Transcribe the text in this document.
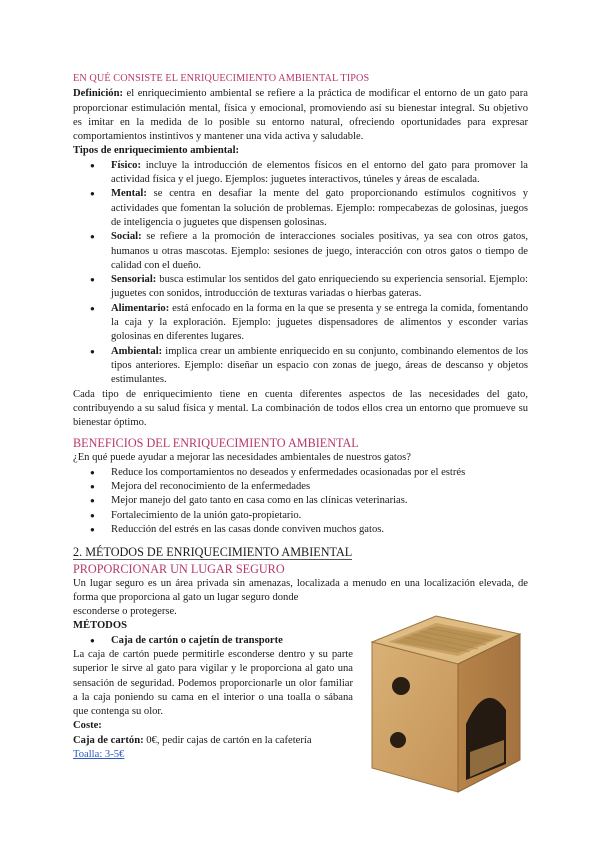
EN QUÉ CONSISTE EL ENRIQUECIMIENTO AMBIENTAL TIPOS

Definición: el enriquecimiento ambiental se refiere a la práctica de modificar el entorno de un gato para proporcionar estimulación mental, física y emocional, promoviendo así su bienestar integral. Su objetivo es imitar en la medida de lo posible su entorno natural, ofreciendo oportunidades para expresar comportamientos instintivos y mantener una vida activa y saludable.

Tipos de enriquecimiento ambiental:

● Físico: incluye la introducción de elementos físicos en el entorno del gato para promover la actividad física y el juego. Ejemplos: juguetes interactivos, túneles y áreas de escalada.
● Mental: se centra en desafiar la mente del gato proporcionando estímulos cognitivos y actividades que fomentan la solución de problemas. Ejemplo: rompecabezas de golosinas, juegos de inteligencia o juguetes que dispensen golosinas.
● Social: se refiere a la promoción de interacciones sociales positivas, ya sea con otros gatos, humanos u otras mascotas. Ejemplo: sesiones de juego, interacción con otros gatos o tiempo de calidad con el dueño.
● Sensorial: busca estimular los sentidos del gato enriqueciendo su experiencia sensorial. Ejemplo: juguetes con sonidos, introducción de texturas variadas o hierbas gateras.
● Alimentario: está enfocado en la forma en la que se presenta y se entrega la comida, fomentando la caja y la exploración. Ejemplo: juguetes dispensadores de alimentos y esconder varias golosinas en diferentes lugares.
● Ambiental: implica crear un ambiente enriquecido en su conjunto, combinando elementos de los tipos anteriores. Ejemplo: diseñar un espacio con zonas de juego, áreas de descanso y objetos estimulantes.

Cada tipo de enriquecimiento tiene en cuenta diferentes aspectos de las necesidades del gato, contribuyendo a su salud física y mental. La combinación de todos ellos crea un entorno que promueve su bienestar óptimo.

BENEFICIOS DEL ENRIQUECIMIENTO AMBIENTAL

¿En qué puede ayudar a mejorar las necesidades ambientales de nuestros gatos?

● Reduce los comportamientos no deseados y enfermedades ocasionadas por el estrés
● Mejora del reconocimiento de la enfermedades
● Mejor manejo del gato tanto en casa como en las clínicas veterinarias.
● Fortalecimiento de la unión gato-propietario.
● Reducción del estrés en las casas donde conviven muchos gatos.
2. MÉTODOS DE ENRIQUECIMIENTO AMBIENTAL
PROPORCIONAR UN LUGAR SEGURO

Un lugar seguro es un área privada sin amenazas, localizada a menudo en una localización elevada, de forma que proporciona al gato un lugar seguro donde

esconderse o protegerse.

MÉTODOS

● Caja de cartón o cajetín de transporte

La caja de cartón puede permitirle esconderse dentro y su parte superior le sirve al gato para vigilar y le proporciona al gato una sensación de seguridad. Podemos proporcionarle un olor familiar a la caja poniendo su cama en el interior o una toalla o sábana que contenga su olor.

Coste:

Caja de cartón: 0€, pedir cajas de cartón en la cafetería

Toalla: 3-5€
